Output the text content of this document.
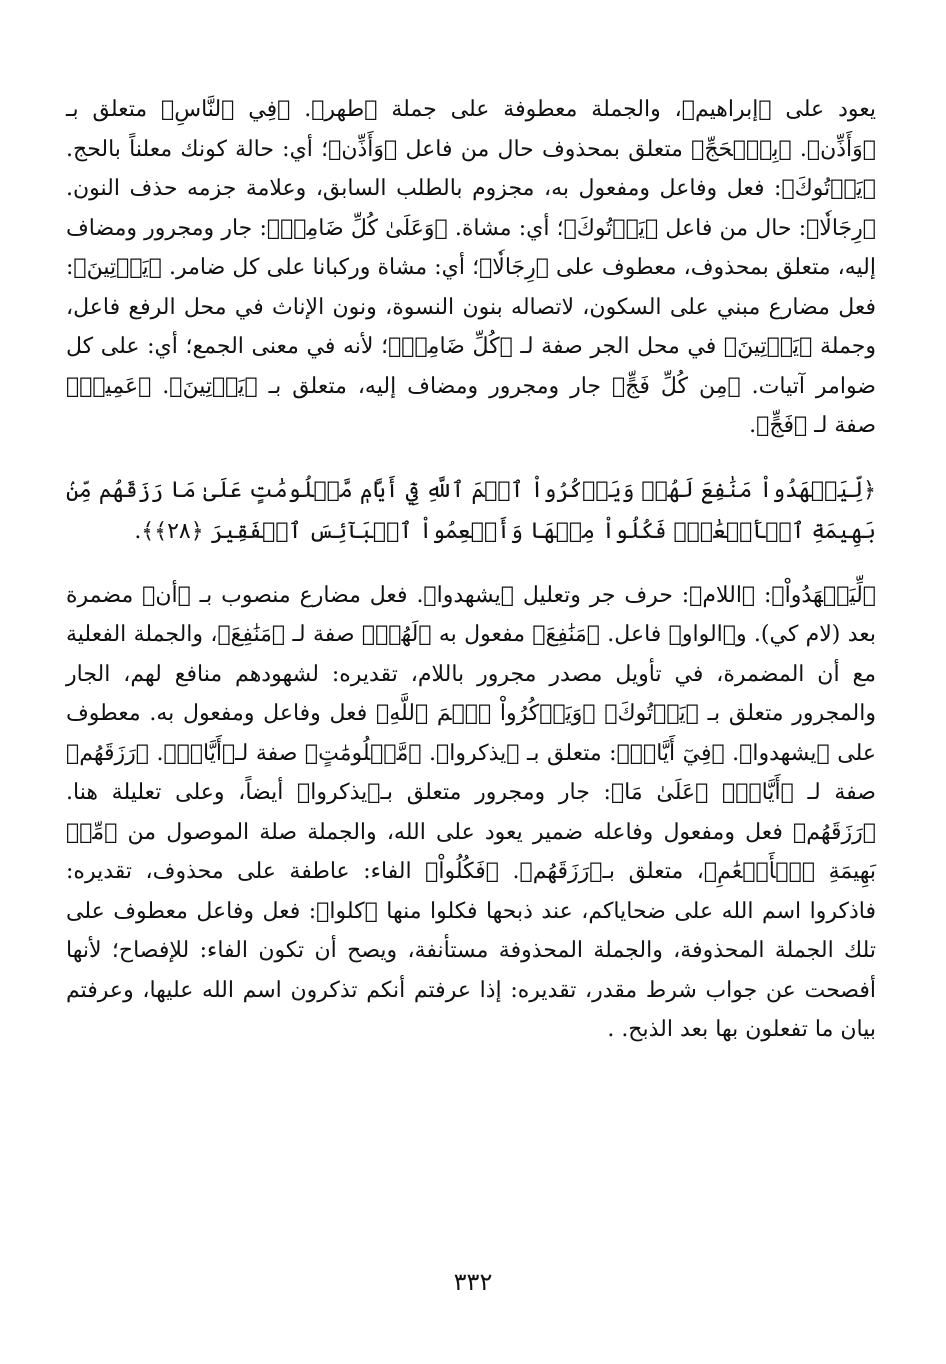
يعود على ﴿إبراهيم﴾، والجملة معطوفة على جملة ﴿طهر﴾. ﴿فِي ٱلنَّاسِ﴾ متعلق بـ ﴿وَأَذِّن﴾. ﴿بِٱلۡحَجِّ﴾ متعلق بمحذوف حال من فاعل ﴿وَأَذِّن﴾؛ أي: حالة كونك معلناً بالحج. ﴿يَأۡتُوكَ﴾: فعل وفاعل ومفعول به، مجزوم بالطلب السابق، وعلامة جزمه حذف النون. ﴿رِجَالٗا﴾: حال من فاعل ﴿يَأۡتُوكَ﴾؛ أي: مشاة. ﴿وَعَلَىٰ كُلِّ ضَامِرٖ﴾: جار ومجرور ومضاف إليه، متعلق بمحذوف، معطوف على ﴿رِجَالٗا﴾؛ أي: مشاة وركبانا على كل ضامر. ﴿يَأۡتِينَ﴾: فعل مضارع مبني على السكون، لاتصاله بنون النسوة، ونون الإناث في محل الرفع فاعل، وجملة ﴿يَأۡتِينَ﴾ في محل الجر صفة لـ ﴿كُلِّ ضَامِرٖ﴾؛ لأنه في معنى الجمع؛ أي: على كل ضوامر آتيات. ﴿مِن كُلِّ فَجٍّ﴾ جار ومجرور ومضاف إليه، متعلق بـ ﴿يَأۡتِينَ﴾. ﴿عَمِيقٖ﴾ صفة لـ ﴿فَجٍّ﴾.

﴿لِّيَشۡهَدُواْ مَنَٰفِعَ لَهُمۡ وَيَذۡكُرُواْ ٱسۡمَ ٱللَّهِ فِيٓ أَيَّامٖ مَّعۡلُومَٰتٍ عَلَىٰ مَا رَزَقَهُم مِّنۢ بَهِيمَةِ ٱلۡأَنۡعَٰمِۖ فَكُلُواْ مِنۡهَا وَأَطۡعِمُواْ ٱلۡبَآئِسَ ٱلۡفَقِيرَ ﴿٢٨﴾﴾.

﴿لِّيَشۡهَدُواْ﴾: ﴿اللام﴾: حرف جر وتعليل ﴿يشهدوا﴾. فعل مضارع منصوب بـ ﴿أن﴾ مضمرة بعد (لام كي). و﴿الواو﴾ فاعل. ﴿مَنَٰفِعَ﴾ مفعول به ﴿لَهُمۡ﴾ صفة لـ ﴿مَنَٰفِعَ﴾، والجملة الفعلية مع أن المضمرة، في تأويل مصدر مجرور باللام، تقديره: لشهودهم منافع لهم، الجار والمجرور متعلق بـ ﴿يَأۡتُوكَ﴾ ﴿وَيَذۡكُرُواْ ٱسۡمَ ٱللَّهِ﴾ فعل وفاعل ومفعول به. معطوف على ﴿يشهدوا﴾. ﴿فِيٓ أَيَّامٖ﴾: متعلق بـ ﴿يذكروا﴾. ﴿مَّعۡلُومَٰتٍ﴾ صفة لـ﴿أَيَّامٖ﴾. ﴿رَزَقَهُم﴾ صفة لـ ﴿أَيَّامٖ﴾ ﴿عَلَىٰ مَا﴾: جار ومجرور متعلق بـ﴿يذكروا﴾ أيضاً، وعلى تعليلة هنا. ﴿رَزَقَهُم﴾ فعل ومفعول وفاعله ضمير يعود على الله، والجملة صلة الموصول من ﴿مِّنۢ بَهِيمَةِ ٱلۡأَنۡعَٰمِ﴾، متعلق بـ﴿رَزَقَهُم﴾. ﴿فَكُلُواْ﴾ الفاء: عاطفة على محذوف، تقديره: فاذكروا اسم الله على ضحاياكم، عند ذبحها فكلوا منها ﴿كلوا﴾: فعل وفاعل معطوف على تلك الجملة المحذوفة، والجملة المحذوفة مستأنفة، ويصح أن تكون الفاء: للإفصاح؛ لأنها أفصحت عن جواب شرط مقدر، تقديره: إذا عرفتم أنكم تذكرون اسم الله عليها، وعرفتم بيان ما تفعلون بها بعد الذبح. .

٣٣٢
